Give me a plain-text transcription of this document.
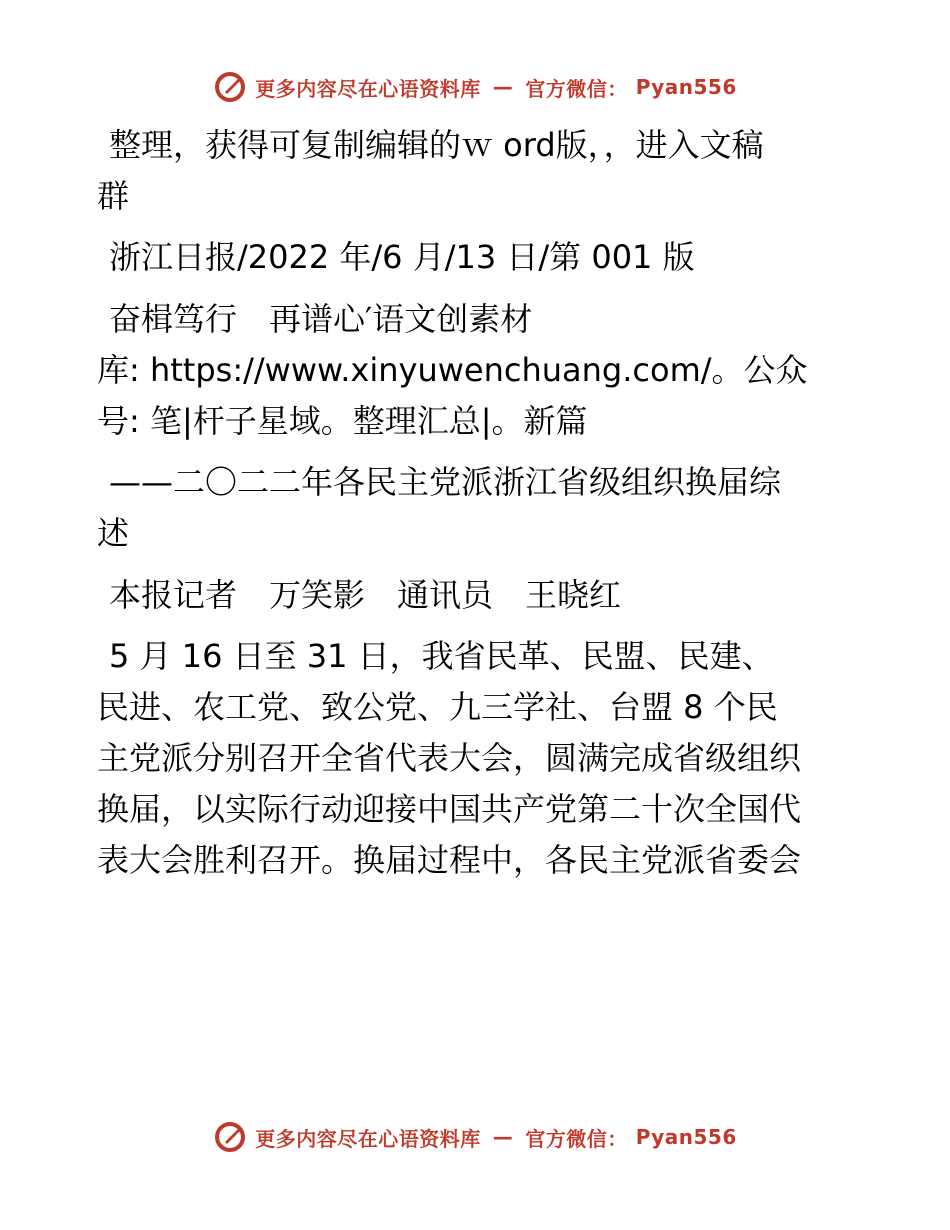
更多内容尽在心语资料库 — 官方微信： Pyan556
整理，获得可复制编辑的ｗ ord版，，进入文稿
群
浙江日报/2022 年/6 月/13 日/第 001 版
奋楫笃行　再谱心′语文创素材
库: https://www.xinyuwenchuang.com/。公众
号: 笔|杆子星域。整理汇总|。新篇
——二〇二二年各民主党派浙江省级组织换届综
述
本报记者　万笑影　通讯员　王晓红
5 月 16 日至 31 日，我省民革、民盟、民建、
民进、农工党、致公党、九三学社、台盟 8 个民
主党派分别召开全省代表大会，圆满完成省级组织
换届，以实际行动迎接中国共产党第二十次全国代
表大会胜利召开。换届过程中，各民主党派省委会
更多内容尽在心语资料库 — 官方微信： Pyan556
